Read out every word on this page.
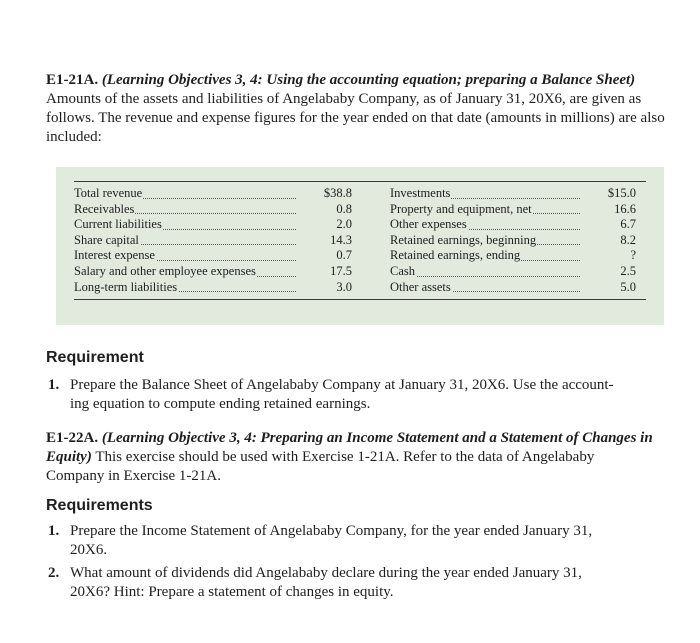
E1-21A. (Learning Objectives 3, 4: Using the accounting equation; preparing a Balance Sheet) Amounts of the assets and liabilities of Angelababy Company, as of January 31, 20X6, are given as follows. The revenue and expense figures for the year ended on that date (amounts in millions) are also included:
Total revenue
Receivables
Current liabilities
Share capital
Interest expense
Salary and other employee expenses
Long-term liabilities
$38.8
0.8
2.0
14.3
0.7
17.5
3.0
Investments
Property and equipment, net
Other expenses
Retained earnings, beginning
Retained earnings, ending
Cash
Other assets
$15.0
16.6
6.7
8.2
?
2.5
5.0
Requirement
1. Prepare the Balance Sheet of Angelababy Company at January 31, 20X6. Use the account-
ing equation to compute ending retained earnings.
E1-22A. (Learning Objective 3, 4: Preparing an Income Statement and a Statement of Changes in Equity) This exercise should be used with Exercise 1-21A. Refer to the data of Angelababy Company in Exercise 1-21A.
Requirements
1. Prepare the Income Statement of Angelababy Company, for the year ended January 31,
20X6.
2. What amount of dividends did Angelababy declare during the year ended January 31,
20X6? Hint: Prepare a statement of changes in equity.
